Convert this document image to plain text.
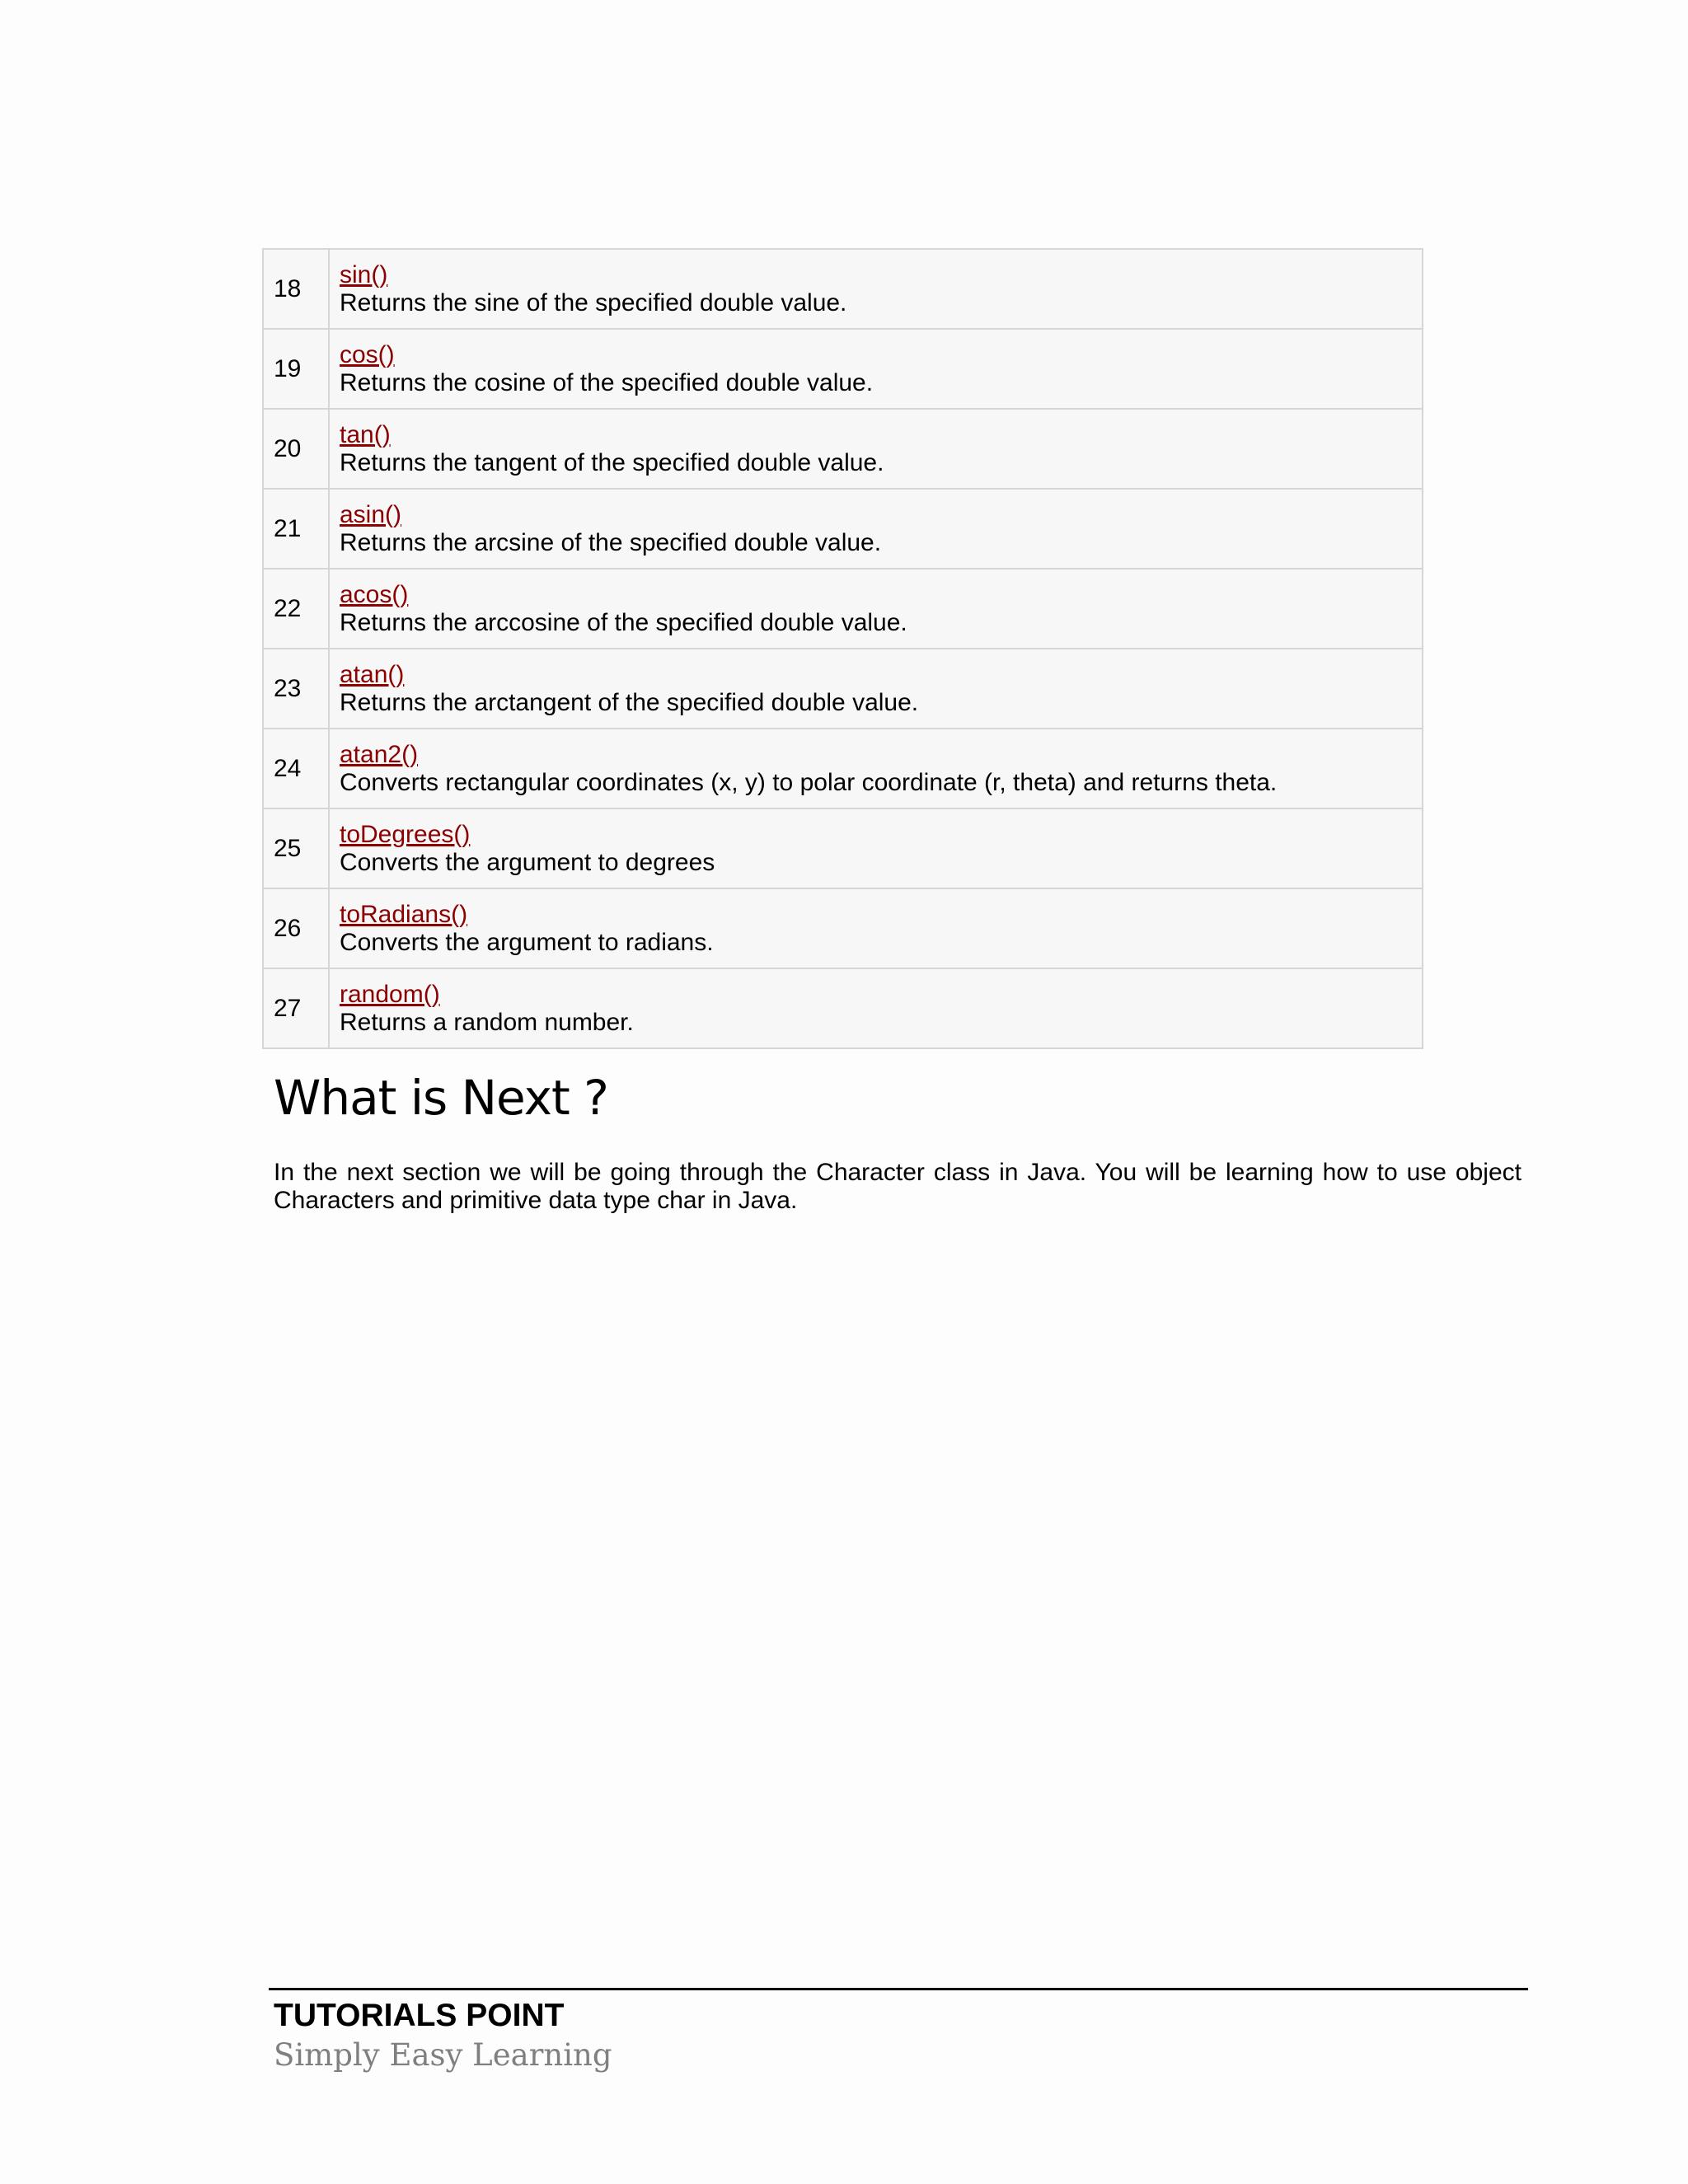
18	sin()
Returns the sine of the specified double value.

19	cos()
Returns the cosine of the specified double value.

20	tan()
Returns the tangent of the specified double value.

21	asin()
Returns the arcsine of the specified double value.

22	acos()
Returns the arccosine of the specified double value.

23	atan()
Returns the arctangent of the specified double value.

24	atan2()
Converts rectangular coordinates (x, y) to polar coordinate (r, theta) and returns theta.

25	toDegrees()
Converts the argument to degrees

26	toRadians()
Converts the argument to radians.

27	random()
Returns a random number.
What is Next ?

In the next section we will be going through the Character class in Java. You will be learning how to use object Characters and primitive data type char in Java.

TUTORIALS POINT
Simply Easy Learning
